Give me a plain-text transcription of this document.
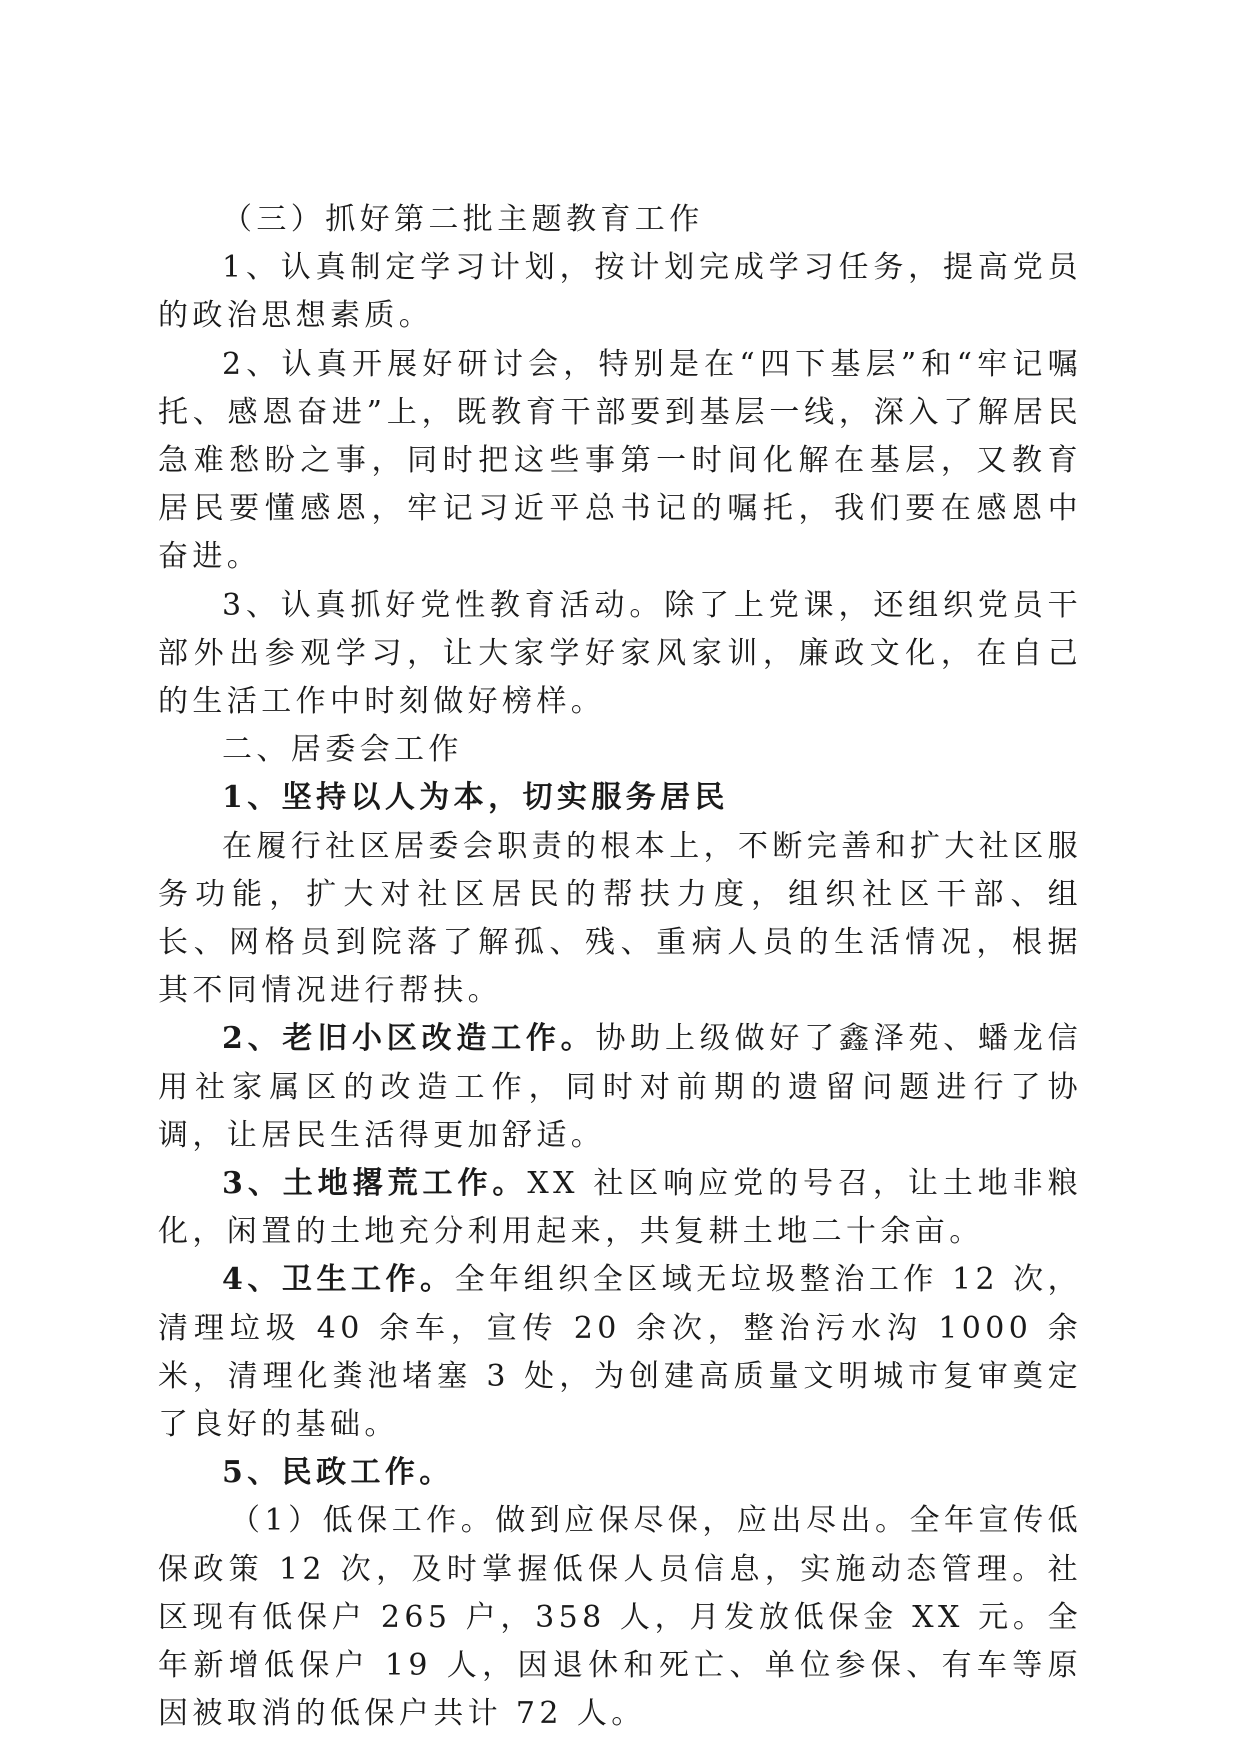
（三）抓好第二批主题教育工作

1、认真制定学习计划，按计划完成学习任务，提高党员的政治思想素质。

2、认真开展好研讨会，特别是在“四下基层”和“牢记嘱托、感恩奋进”上，既教育干部要到基层一线，深入了解居民急难愁盼之事，同时把这些事第一时间化解在基层，又教育居民要懂感恩，牢记习近平总书记的嘱托，我们要在感恩中奋进。

3、认真抓好党性教育活动。除了上党课，还组织党员干部外出参观学习，让大家学好家风家训，廉政文化，在自己的生活工作中时刻做好榜样。

二、居委会工作

1、坚持以人为本，切实服务居民

在履行社区居委会职责的根本上，不断完善和扩大社区服务功能，扩大对社区居民的帮扶力度，组织社区干部、组长、网格员到院落了解孤、残、重病人员的生活情况，根据其不同情况进行帮扶。

2、老旧小区改造工作。协助上级做好了鑫泽苑、蟠龙信用社家属区的改造工作，同时对前期的遗留问题进行了协调，让居民生活得更加舒适。

3、土地撂荒工作。XX 社区响应党的号召，让土地非粮化，闲置的土地充分利用起来，共复耕土地二十余亩。

4、卫生工作。全年组织全区域无垃圾整治工作 12 次，清理垃圾 40 余车，宣传 20 余次，整治污水沟 1000 余米，清理化粪池堵塞 3 处，为创建高质量文明城市复审奠定了良好的基础。

5、民政工作。

（1）低保工作。做到应保尽保，应出尽出。全年宣传低保政策 12 次，及时掌握低保人员信息，实施动态管理。社区现有低保户 265 户，358 人，月发放低保金 XX 元。全年新增低保户 19 人，因退休和死亡、单位参保、有车等原因被取消的低保户共计 72 人。
